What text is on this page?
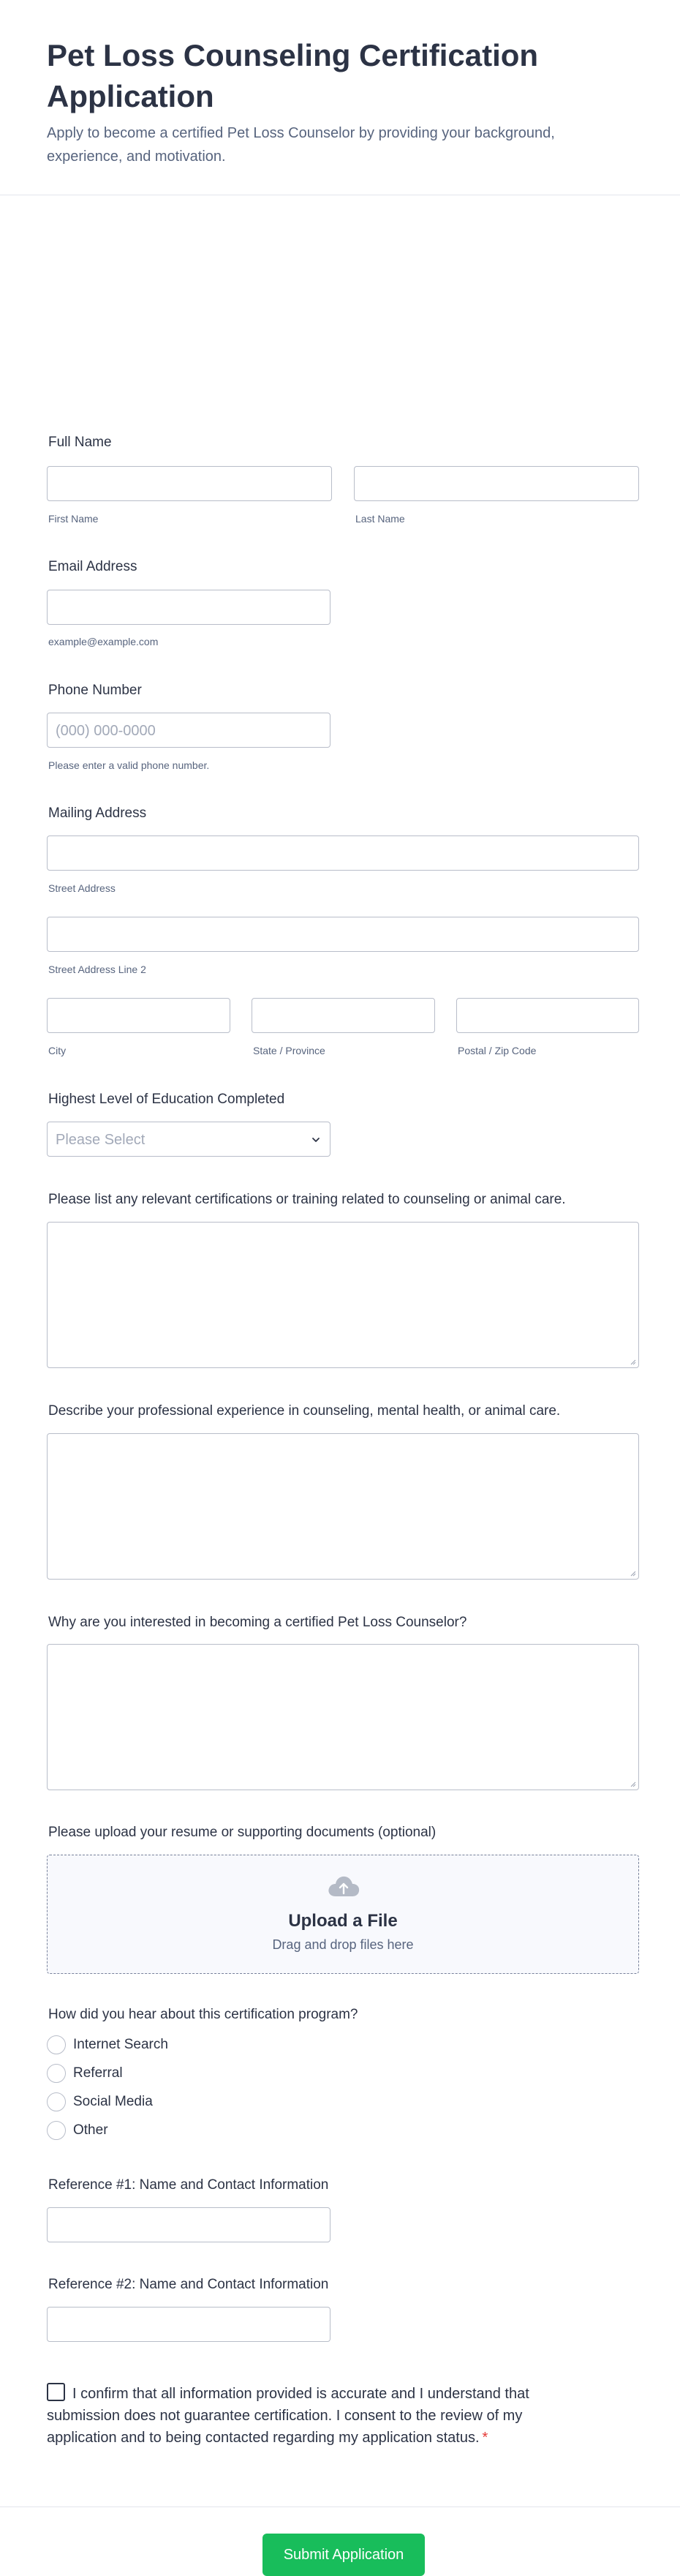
Pet Loss Counseling Certification Application

Apply to become a certified Pet Loss Counselor by providing your background, experience, and motivation.

Full Name
First Name	Last Name
Email Address
example@example.com
Phone Number
(000) 000-0000
Please enter a valid phone number.
Mailing Address
Street Address
Street Address Line 2
City	State / Province	Postal / Zip Code
Highest Level of Education Completed
Please Select
Please list any relevant certifications or training related to counseling or animal care.
Describe your professional experience in counseling, mental health, or animal care.
Why are you interested in becoming a certified Pet Loss Counselor?
Please upload your resume or supporting documents (optional)
Upload a File
Drag and drop files here
How did you hear about this certification program?
Internet Search
Referral
Social Media
Other
Reference #1: Name and Contact Information
Reference #2: Name and Contact Information
I confirm that all information provided is accurate and I understand that submission does not guarantee certification. I consent to the review of my application and to being contacted regarding my application status. *
Submit Application
